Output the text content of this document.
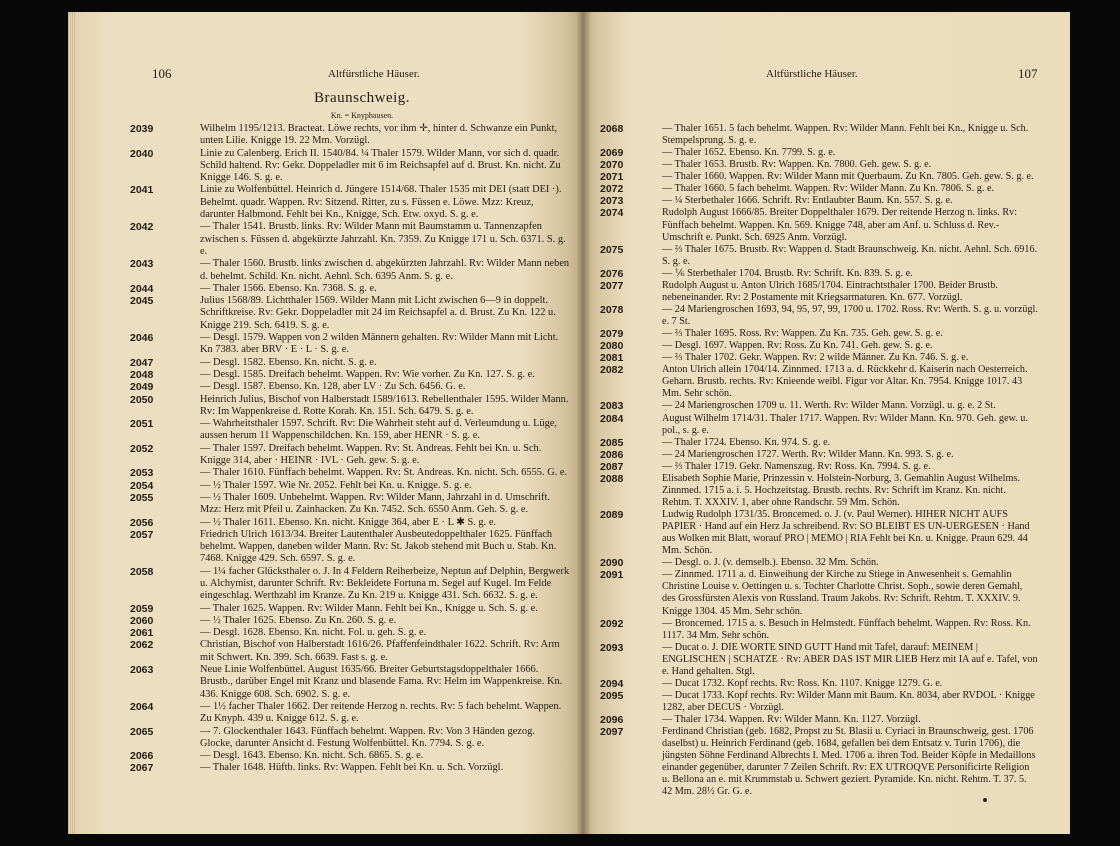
106	Altfürstliche Häuser.
Braunschweig.
Kn. = Knyphausen.
2039	Wilhelm 1195/1213. Bracteat. Löwe rechts, vor ihm ✛, hinter d. Schwanze ein Punkt, unten Lilie. Knigge 19. 22 Mm. Vorzügl.
2040	Linie zu Calenberg. Erich II. 1540/84. ¼ Thaler 1579. Wilder Mann, vor sich d. quadr. Schild haltend. Rv: Gekr. Doppeladler mit 6 im Reichsapfel auf d. Brust. Kn. nicht. Zu Knigge 146. S. g. e.
2041	Linie zu Wolfenbüttel. Heinrich d. Jüngere 1514/68. Thaler 1535 mit DEI (statt DEI ·). Behelmt. quadr. Wappen. Rv: Sitzend. Ritter, zu s. Füssen e. Löwe. Mzz: Kreuz, darunter Halbmond. Fehlt bei Kn., Knigge, Sch. Etw. oxyd. S. g. e.
2042	— Thaler 1541. Brustb. links. Rv: Wilder Mann mit Baumstamm u. Tannenzapfen zwischen s. Füssen d. abgekürzte Jahrzahl. Kn. 7359. Zu Knigge 171 u. Sch. 6371. S. g. e.
2043	— Thaler 1560. Brustb. links zwischen d. abgekürzten Jahrzahl. Rv: Wilder Mann neben d. behelmt. Schild. Kn. nicht. Aehnl. Sch. 6395 Anm. S. g. e.
2044	— Thaler 1566. Ebenso. Kn. 7368. S. g. e.
2045	Julius 1568/89. Lichtthaler 1569. Wilder Mann mit Licht zwischen 6—9 in doppelt. Schriftkreise. Rv: Gekr. Doppeladler mit 24 im Reichsapfel a. d. Brust. Zu Kn. 122 u. Knigge 219. Sch. 6419. S. g. e.
2046	— Desgl. 1579. Wappen von 2 wilden Männern gehalten. Rv: Wilder Mann mit Licht. Kn 7383. aber BRV · E · L · S. g. e.
2047	— Desgl. 1582. Ebenso. Kn. nicht. S. g. e.
2048	— Desgl. 1585. Dreifach behelmt. Wappen. Rv: Wie vorher. Zu Kn. 127. S. g. e.
2049	— Desgl. 1587. Ebenso. Kn. 128, aber LV · Zu Sch. 6456. G. e.
2050	Heinrich Julius, Bischof von Halberstadt 1589/1613. Rebellenthaler 1595. Wilder Mann. Rv: Im Wappenkreise d. Rotte Korah. Kn. 151. Sch. 6479. S. g. e.
2051	— Wahrheitsthaler 1597. Schrift. Rv: Die Wahrheit steht auf d. Verleumdung u. Lüge, aussen herum 11 Wappenschildchen. Kn. 159, aber HENR · S. g. e.
2052	— Thaler 1597. Dreifach behelmt. Wappen. Rv: St. Andreas. Fehlt bei Kn. u. Sch. Knigge 314, aber · HEINR · IVL · Geh. gew. S. g. e.
2053	— Thaler 1610. Fünffach behelmt. Wappen. Rv: St. Andreas. Kn. nicht. Sch. 6555. G. e.
2054	— ½ Thaler 1597. Wie Nr. 2052. Fehlt bei Kn. u. Knigge. S. g. e.
2055	— ½ Thaler 1609. Unbehelmt. Wappen. Rv: Wilder Mann, Jahrzahl in d. Umschrift. Mzz: Herz mit Pfeil u. Zainhacken. Zu Kn. 7452. Sch. 6550 Anm. Geh. S. g. e.
2056	— ½ Thaler 1611. Ebenso. Kn. nicht. Knigge 364, aber E · L ✱ S. g. e.
2057	Friedrich Ulrich 1613/34. Breiter Lautenthaler Ausbeutedoppelthaler 1625. Fünffach behelmt. Wappen, daneben wilder Mann. Rv: St. Jakob stehend mit Buch u. Stab. Kn. 7468. Knigge 429. Sch. 6597. S. g. e.
2058	— 1¼ facher Glücksthaler o. J. In 4 Feldern Reiherbeize, Neptun auf Delphin, Bergwerk u. Alchymist, darunter Schrift. Rv: Bekleidete Fortuna m. Segel auf Kugel. Im Felde eingeschlag. Werthzahl im Kranze. Zu Kn. 219 u. Knigge 431. Sch. 6632. S. g. e.
2059	— Thaler 1625. Wappen. Rv: Wilder Mann. Fehlt bei Kn., Knigge u. Sch. S. g. e.
2060	— ½ Thaler 1625. Ebenso. Zu Kn. 260. S. g. e.
2061	— Desgl. 1628. Ebenso. Kn. nicht. Fol. u. geh. S. g. e.
2062	Christian, Bischof von Halberstadt 1616/26. Pfaffenfeindthaler 1622. Schrift. Rv: Arm mit Schwert. Kn. 399. Sch. 6639. Fast s. g. e.
2063	Neue Linie Wolfenbüttel. August 1635/66. Breiter Geburtstagsdoppelthaler 1666. Brustb., darüber Engel mit Kranz und blasende Fama. Rv: Helm im Wappenkreise. Kn. 436. Knigge 608. Sch. 6902. S. g. e.
2064	— 1½ facher Thaler 1662. Der reitende Herzog n. rechts. Rv: 5 fach behelmt. Wappen. Zu Knyph. 439 u. Knigge 612. S. g. e.
2065	— 7. Glockenthaler 1643. Fünffach behelmt. Wappen. Rv: Von 3 Händen gezog. Glocke, darunter Ansicht d. Festung Wolfenbüttel. Kn. 7794. S. g. e.
2066	— Desgl. 1643. Ebenso. Kn. nicht. Sch. 6865. S. g. e.
2067	— Thaler 1648. Hüftb. links. Rv: Wappen. Fehlt bei Kn. u. Sch. Vorzügl.
Altfürstliche Häuser.	107
2068	— Thaler 1651. 5 fach behelmt. Wappen. Rv: Wilder Mann. Fehlt bei Kn., Knigge u. Sch. Stempelsprung. S. g. e.
2069	— Thaler 1652. Ebenso. Kn. 7799. S. g. e.
2070	— Thaler 1653. Brustb. Rv: Wappen. Kn. 7800. Geh. gew. S. g. e.
2071	— Thaler 1660. Wappen. Rv: Wilder Mann mit Querbaum. Zu Kn. 7805. Geh. gew. S. g. e.
2072	— Thaler 1660. 5 fach behelmt. Wappen. Rv: Wilder Mann. Zu Kn. 7806. S. g. e.
2073	— ¼ Sterbethaler 1666. Schrift. Rv: Entlaubter Baum. Kn. 557. S. g. e.
2074	Rudolph August 1666/85. Breiter Doppelthaler 1679. Der reitende Herzog n. links. Rv: Fünffach behelmt. Wappen. Kn. 569. Knigge 748, aber am Anf. u. Schluss d. Rev.-Umschrift e. Punkt. Sch. 6925 Anm. Vorzügl.
2075	— ⅔ Thaler 1675. Brustb. Rv: Wappen d. Stadt Braunschweig. Kn. nicht. Aehnl. Sch. 6916. S. g. e.
2076	— ⅙ Sterbethaler 1704. Brustb. Rv: Schrift. Kn. 839. S. g. e.
2077	Rudolph August u. Anton Ulrich 1685/1704. Eintrachtsthaler 1700. Beider Brustb. nebeneinander. Rv: 2 Postamente mit Kriegsarmaturen. Kn. 677. Vorzügl.
2078	— 24 Mariengroschen 1693, 94, 95, 97, 99, 1700 u. 1702. Ross. Rv: Werth. S. g. u. vorzügl. e. 7 St.
2079	— ⅔ Thaler 1695. Ross. Rv: Wappen. Zu Kn. 735. Geh. gew. S. g. e.
2080	— Desgl. 1697. Wappen. Rv: Ross. Zu Kn. 741. Geh. gew. S. g. e.
2081	— ⅔ Thaler 1702. Gekr. Wappen. Rv: 2 wilde Männer. Zu Kn. 746. S. g. e.
2082	Anton Ulrich allein 1704/14. Zinnmed. 1713 a. d. Rückkehr d. Kaiserin nach Oesterreich. Geharn. Brustb. rechts. Rv: Knieende weibl. Figur vor Altar. Kn. 7954. Knigge 1017. 43 Mm. Sehr schön.
2083	— 24 Mariengroschen 1709 u. 11. Werth. Rv: Wilder Mann. Vorzügl. u. g. e. 2 St.
2084	August Wilhelm 1714/31. Thaler 1717. Wappen. Rv: Wilder Mann. Kn. 970. Geh. gew. u. pol., s. g. e.
2085	— Thaler 1724. Ebenso. Kn. 974. S. g. e.
2086	— 24 Mariengroschen 1727. Werth. Rv: Wilder Mann. Kn. 993. S. g. e.
2087	— ⅔ Thaler 1719. Gekr. Namenszug. Rv: Ross. Kn. 7994. S. g. e.
2088	Elisabeth Sophie Marie, Prinzessin v. Holstein-Norburg, 3. Gemahlin August Wilhelms. Zinnmed. 1715 a. i. 5. Hochzeitstag. Brustb. rechts. Rv: Schrift im Kranz. Kn. nicht. Rehtm. T. XXXIV. 1, aber ohne Randschr. 59 Mm. Schön.
2089	Ludwig Rudolph 1731/35. Broncemed. o. J. (v. Paul Werner). HIHER NICHT AUFS PAPIER · Hand auf ein Herz Ja schreibend. Rv: SO BLEIBT ES UN-UERGESEN · Hand aus Wolken mit Blatt, worauf PRO | MEMO | RIA Fehlt bei Kn. u. Knigge. Praun 629. 44 Mm. Schön.
2090	— Desgl. o. J. (v. demselb.). Ebenso. 32 Mm. Schön.
2091	— Zinnmed. 1711 a. d. Einweihung der Kirche zu Stiege in Anwesenheit s. Gemahlin Christine Louise v. Oettingen u. s. Tochter Charlotte Christ. Soph., sowie deren Gemahl, des Grossfürsten Alexis von Russland. Traum Jakobs. Rv: Schrift. Rehtm. T. XXXIV. 9. Knigge 1304. 45 Mm. Sehr schön.
2092	— Broncemed. 1715 a. s. Besuch in Helmstedt. Fünffach behelmt. Wappen. Rv: Ross. Kn. 1117. 34 Mm. Sehr schön.
2093	— Ducat o. J. DIE WORTE SIND GUTT Hand mit Tafel, darauf: MEINEM | ENGLISCHEN | SCHATZE · Rv: ABER DAS IST MIR LIEB Herz mit IA auf e. Tafel, von e. Hand gehalten. Stgl.
2094	— Ducat 1732. Kopf rechts. Rv: Ross. Kn. 1107. Knigge 1279. G. e.
2095	— Ducat 1733. Kopf rechts. Rv: Wilder Mann mit Baum. Kn. 8034, aber RVDOL · Knigge 1282, aber DECUS · Vorzügl.
2096	— Thaler 1734. Wappen. Rv: Wilder Mann. Kn. 1127. Vorzügl.
2097	Ferdinand Christian (geb. 1682, Propst zu St. Blasii u. Cyriaci in Braunschweig, gest. 1706 daselbst) u. Heinrich Ferdinand (geb. 1684, gefallen bei dem Entsatz v. Turin 1706), die jüngsten Söhne Ferdinand Albrechts I. Med. 1706 a. ihren Tod. Beider Köpfe in Medaillons einander gegenüber, darunter 7 Zeilen Schrift. Rv: EX UTROQVE Personificirte Religion u. Bellona an e. mit Krummstab u. Schwert geziert. Pyramide. Kn. nicht. Rehtm. T. 37. 5. 42 Mm. 28½ Gr. G. e.
